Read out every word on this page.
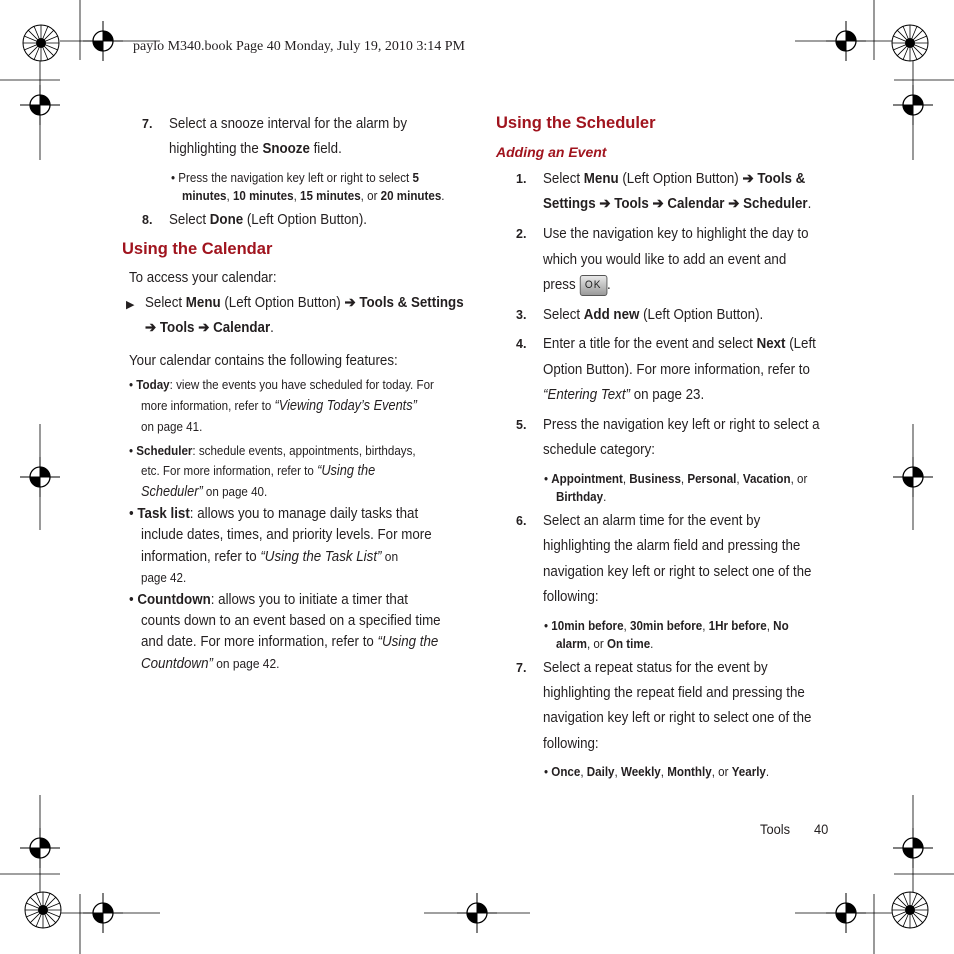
paylo M340.book Page 40 Monday, July 19, 2010 3:14 PM
7. Select a snooze interval for the alarm by
highlighting the Snooze field.
• Press the navigation key left or right to select 5
minutes, 10 minutes, 15 minutes, or 20 minutes.
8. Select Done (Left Option Button).
Using the Calendar
To access your calendar:
▶ Select Menu (Left Option Button) ➔ Tools & Settings
➔ Tools ➔ Calendar.
Your calendar contains the following features:
• Today: view the events you have scheduled for today. For
more information, refer to “Viewing Today’s Events”
on page 41.
• Scheduler: schedule events, appointments, birthdays,
etc. For more information, refer to “Using the
Scheduler” on page 40.
• Task list: allows you to manage daily tasks that
include dates, times, and priority levels. For more
information, refer to “Using the Task List” on
page 42.
• Countdown: allows you to initiate a timer that
counts down to an event based on a specified time
and date. For more information, refer to “Using the
Countdown” on page 42.
Using the Scheduler
Adding an Event
1. Select Menu (Left Option Button) ➔ Tools &
Settings ➔ Tools ➔ Calendar ➔ Scheduler.
2. Use the navigation key to highlight the day to
which you would like to add an event and
press OK .
3. Select Add new (Left Option Button).
4. Enter a title for the event and select Next (Left
Option Button). For more information, refer to
“Entering Text” on page 23.
5. Press the navigation key left or right to select a
schedule category:
• Appointment, Business, Personal, Vacation, or
Birthday.
6. Select an alarm time for the event by
highlighting the alarm field and pressing the
navigation key left or right to select one of the
following:
• 10min before, 30min before, 1Hr before, No
alarm, or On time.
7. Select a repeat status for the event by
highlighting the repeat field and pressing the
navigation key left or right to select one of the
following:
• Once, Daily, Weekly, Monthly, or Yearly.
Tools 40
